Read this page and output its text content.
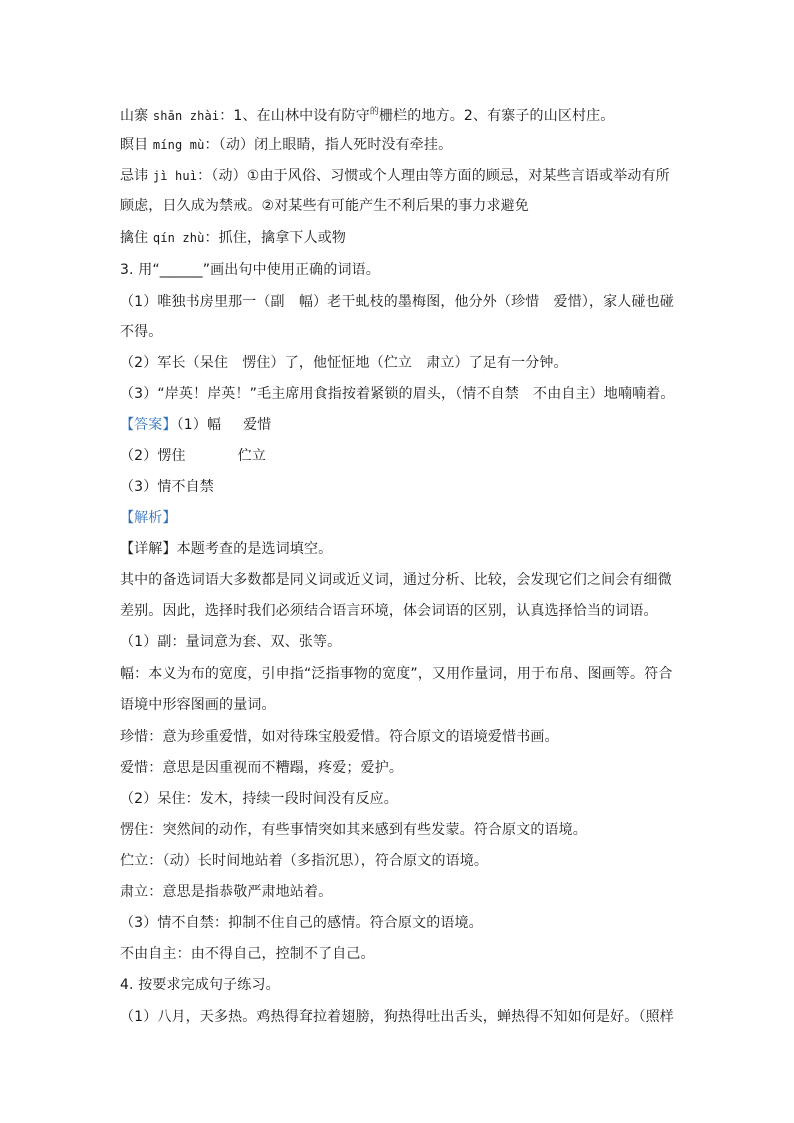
山寨 shān zhài：1、在山林中设有防守$^的$栅栏的地方。2、有寨子的山区村庄。
瞑目 míng mù：（动）闭上眼睛，指人死时没有牵挂。
忌讳 jì huì：（动）①由于风俗、习惯或个人理由等方面的顾忌，对某些言语或举动有所
顾虑，日久成为禁戒。②对某些有可能产生不利后果的事力求避免
擒住 qín zhù：抓住，擒拿下人或物
3. 用“______”画出句中使用正确的词语。
（1）唯独书房里那一（副　幅）老干虬枝的墨梅图，他分外（珍惜　爱惜），家人碰也碰
不得。
（2）军长（呆住　愣住）了，他怔怔地（伫立　肃立）了足有一分钟。
（3）“岸英！岸英！”毛主席用食指按着紧锁的眉头，（情不自禁　不由自主）地喃喃着。
【答案】（1）幅 爱惜
（2）愣住	伫立
（3）情不自禁
【解析】
【详解】本题考查的是选词填空。
其中的备选词语大多数都是同义词或近义词，通过分析、比较，会发现它们之间会有细微
差别。因此，选择时我们必须结合语言环境，体会词语的区别，认真选择恰当的词语。
（1）副：量词意为套、双、张等。
幅：本义为布的宽度，引申指“泛指事物的宽度”，又用作量词，用于布帛、图画等。符合
语境中形容图画的量词。
珍惜：意为珍重爱惜，如对待珠宝般爱惜。符合原文的语境爱惜书画。
爱惜：意思是因重视而不糟蹋，疼爱；爱护。
（2）呆住：发木，持续一段时间没有反应。
愣住：突然间的动作，有些事情突如其来感到有些发蒙。符合原文的语境。
伫立：（动）长时间地站着（多指沉思），符合原文的语境。
肃立：意思是指恭敬严肃地站着。
（3）情不自禁：抑制不住自己的感情。符合原文的语境。
不由自主：由不得自己，控制不了自己。
4. 按要求完成句子练习。
（1）八月，天多热。鸡热得耷拉着翅膀，狗热得吐出舌头，蝉热得不知如何是好。（照样
